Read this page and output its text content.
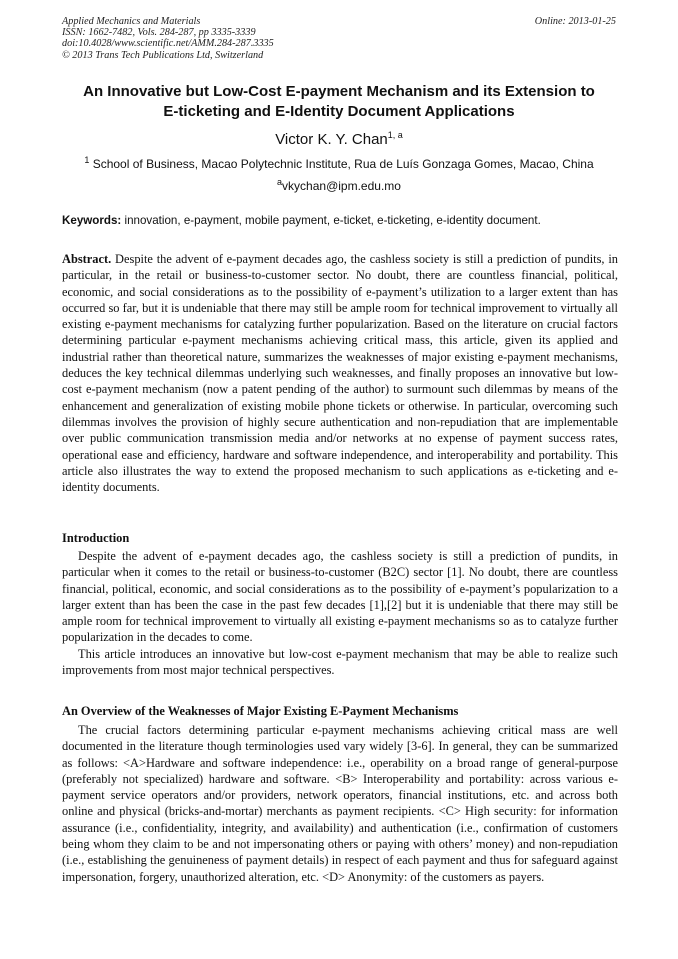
Applied Mechanics and Materials
ISSN: 1662-7482, Vols. 284-287, pp 3335-3339
doi:10.4028/www.scientific.net/AMM.284-287.3335
© 2013 Trans Tech Publications Ltd, Switzerland
Online: 2013-01-25
An Innovative but Low-Cost E-payment Mechanism and its Extension to
E-ticketing and E-Identity Document Applications
Victor K. Y. Chan$^{1, a}$
$^1$ School of Business, Macao Polytechnic Institute, Rua de Luís Gonzaga Gomes, Macao, China
$^a$vkychan@ipm.edu.mo
Keywords: innovation, e-payment, mobile payment, e-ticket, e-ticketing, e-identity document.
Abstract. Despite the advent of e-payment decades ago, the cashless society is still a prediction of pundits, in particular, in the retail or business-to-customer sector. No doubt, there are countless financial, political, economic, and social considerations as to the possibility of e-payment’s utilization to a larger extent than has occurred so far, but it is undeniable that there may still be ample room for technical improvement to virtually all existing e-payment mechanisms for catalyzing further popularization. Based on the literature on crucial factors determining particular e-payment mechanisms achieving critical mass, this article, given its applied and industrial rather than theoretical nature, summarizes the weaknesses of major existing e-payment mechanisms, deduces the key technical dilemmas underlying such weaknesses, and finally proposes an innovative but low-cost e-payment mechanism (now a patent pending of the author) to surmount such dilemmas by means of the enhancement and generalization of existing mobile phone tickets or otherwise. In particular, overcoming such dilemmas involves the provision of highly secure authentication and non-repudiation that are implementable over public communication transmission media and/or networks at no expense of payment success rates, operational ease and efficiency, hardware and software independence, and interoperability and portability. This article also illustrates the way to extend the proposed mechanism to such applications as e-ticketing and e-identity documents.
Introduction

Despite the advent of e-payment decades ago, the cashless society is still a prediction of pundits, in particular when it comes to the retail or business-to-customer (B2C) sector [1]. No doubt, there are countless financial, political, economic, and social considerations as to the possibility of e-payment’s popularization to a larger extent than has been the case in the past few decades [1],[2] but it is undeniable that there may still be ample room for technical improvement to virtually all existing e-payment mechanisms so as to catalyze further popularization in the decades to come.

This article introduces an innovative but low-cost e-payment mechanism that may be able to realize such improvements from most major technical perspectives.

An Overview of the Weaknesses of Major Existing E-Payment Mechanisms

The crucial factors determining particular e-payment mechanisms achieving critical mass are well documented in the literature though terminologies used vary widely [3-6]. In general, they can be summarized as follows: <A>Hardware and software independence: i.e., operability on a broad range of general-purpose (preferably not specialized) hardware and software. <B> Interoperability and portability: across various e-payment service operators and/or providers, network operators, financial institutions, etc. and across both online and physical (bricks-and-mortar) merchants as payment recipients. <C> High security: for information assurance (i.e., confidentiality, integrity, and availability) and authentication (i.e., confirmation of customers being whom they claim to be and not impersonating others or paying with others’ money) and non-repudiation (i.e., establishing the genuineness of payment details) in respect of each payment and thus for safeguard against impersonation, forgery, unauthorized alteration, etc. <D> Anonymity: of the customers as payers.
